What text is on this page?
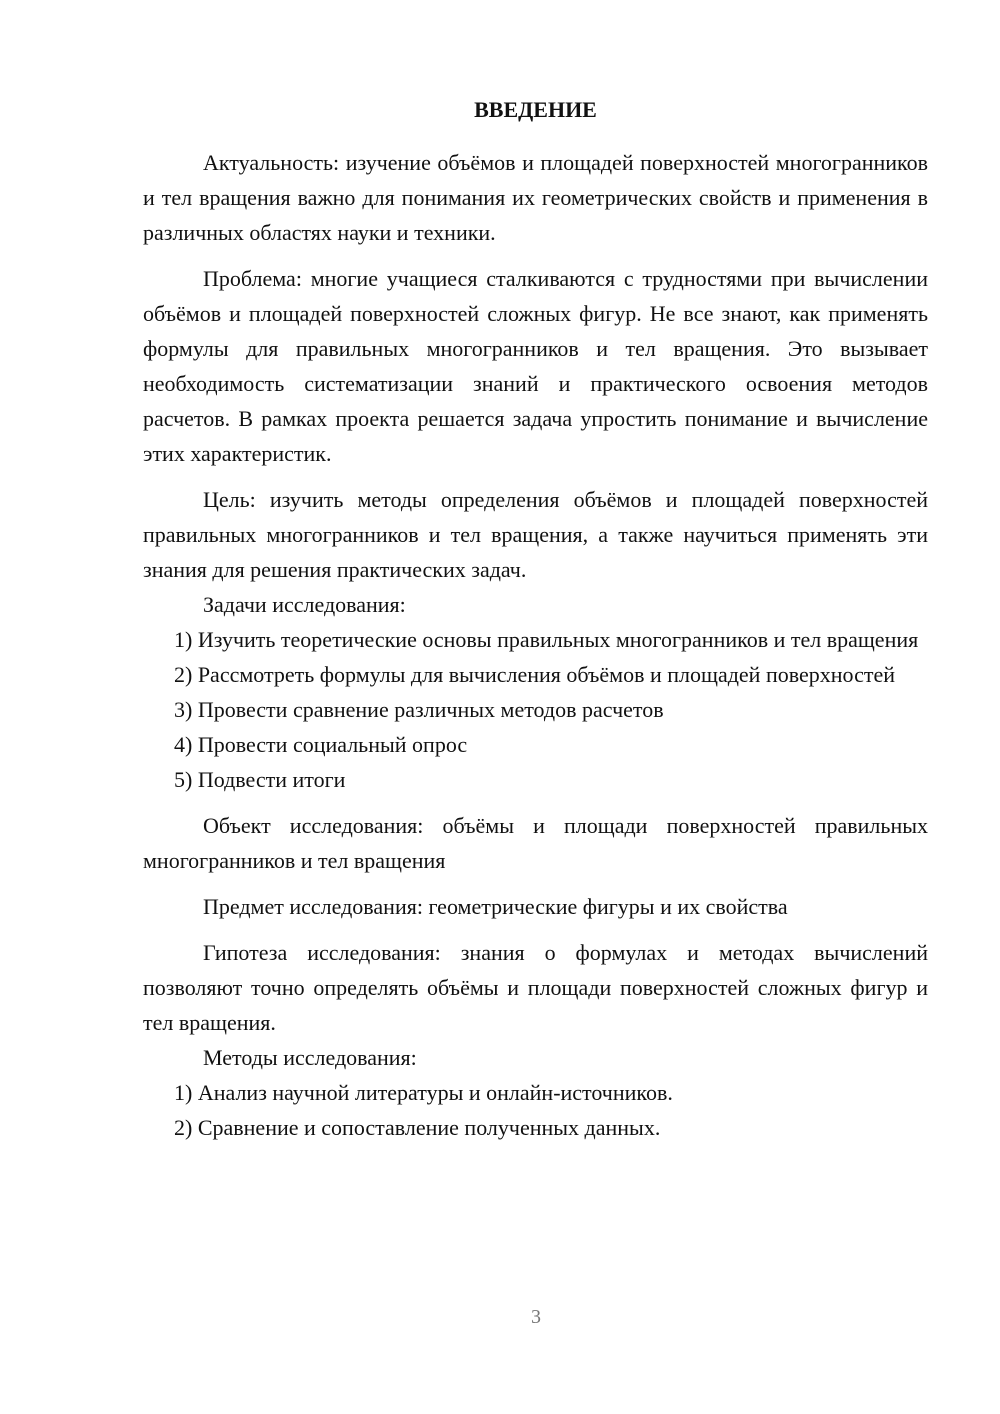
ВВЕДЕНИЕ

Актуальность: изучение объёмов и площадей поверхностей многогранников и тел вращения важно для понимания их геометрических свойств и применения в различных областях науки и техники.

Проблема: многие учащиеся сталкиваются с трудностями при вычислении объёмов и площадей поверхностей сложных фигур. Не все знают, как применять формулы для правильных многогранников и тел вращения. Это вызывает необходимость систематизации знаний и практического освоения методов расчетов. В рамках проекта решается задача упростить понимание и вычисление этих характеристик.

Цель: изучить методы определения объёмов и площадей поверхностей правильных многогранников и тел вращения, а также научиться применять эти знания для решения практических задач.

Задачи исследования:

1) Изучить теоретические основы правильных многогранников и тел вращения

2) Рассмотреть формулы для вычисления объёмов и площадей поверхностей

3) Провести сравнение различных методов расчетов

4) Провести социальный опрос

5) Подвести итоги

Объект исследования: объёмы и площади поверхностей правильных многогранников и тел вращения

Предмет исследования: геометрические фигуры и их свойства

Гипотеза исследования: знания о формулах и методах вычислений позволяют точно определять объёмы и площади поверхностей сложных фигур и тел вращения.

Методы исследования:

1) Анализ научной литературы и онлайн-источников.

2) Сравнение и сопоставление полученных данных.

3
